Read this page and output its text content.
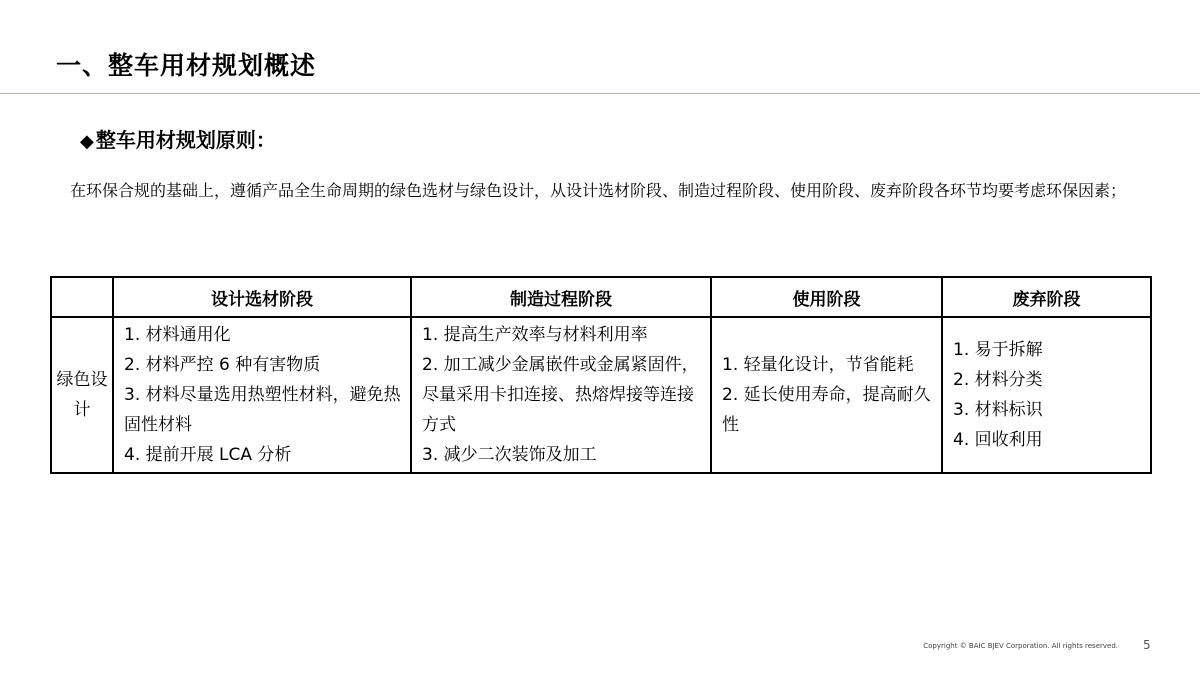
一、整车用材规划概述
◆ 整车用材规划原则：
在环保合规的基础上，遵循产品全生命周期的绿色选材与绿色设计，从设计选材阶段、制造过程阶段、使用阶段、废弃阶段各环节均要考虑环保因素；
	设计选材阶段	制造过程阶段	使用阶段	废弃阶段
绿色设计	1. 材料通用化
2. 材料严控 6 种有害物质
3. 材料尽量选用热塑性材料，避免热固性材料
4. 提前开展 LCA 分析	1. 提高生产效率与材料利用率
2. 加工减少金属嵌件或金属紧固件，尽量采用卡扣连接、热熔焊接等连接方式
3. 减少二次装饰及加工	1. 轻量化设计，节省能耗
2. 延长使用寿命，提高耐久性	1. 易于拆解
2. 材料分类
3. 材料标识
4. 回收利用
Copyright © BAIC BJEV Corporation. All rights reserved. 5
